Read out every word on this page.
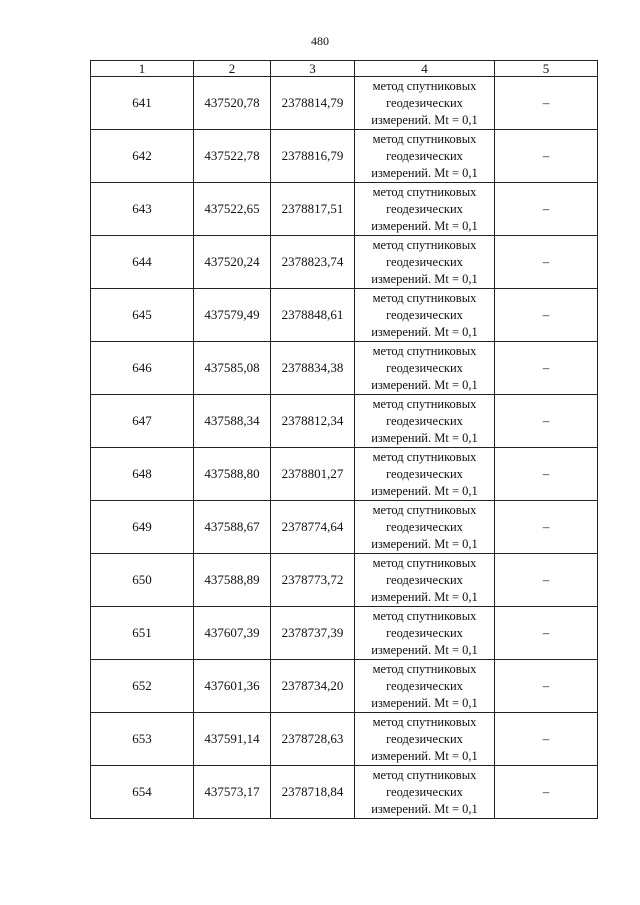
480
1	2	3	4	5
641	437520,78	2378814,79	метод спутниковых
геодезических
измерений. Mt = 0,1	–
642	437522,78	2378816,79	метод спутниковых
геодезических
измерений. Mt = 0,1	–
643	437522,65	2378817,51	метод спутниковых
геодезических
измерений. Mt = 0,1	–
644	437520,24	2378823,74	метод спутниковых
геодезических
измерений. Mt = 0,1	–
645	437579,49	2378848,61	метод спутниковых
геодезических
измерений. Mt = 0,1	–
646	437585,08	2378834,38	метод спутниковых
геодезических
измерений. Mt = 0,1	–
647	437588,34	2378812,34	метод спутниковых
геодезических
измерений. Mt = 0,1	–
648	437588,80	2378801,27	метод спутниковых
геодезических
измерений. Mt = 0,1	–
649	437588,67	2378774,64	метод спутниковых
геодезических
измерений. Mt = 0,1	–
650	437588,89	2378773,72	метод спутниковых
геодезических
измерений. Mt = 0,1	–
651	437607,39	2378737,39	метод спутниковых
геодезических
измерений. Mt = 0,1	–
652	437601,36	2378734,20	метод спутниковых
геодезических
измерений. Mt = 0,1	–
653	437591,14	2378728,63	метод спутниковых
геодезических
измерений. Mt = 0,1	–
654	437573,17	2378718,84	метод спутниковых
геодезических
измерений. Mt = 0,1	–
